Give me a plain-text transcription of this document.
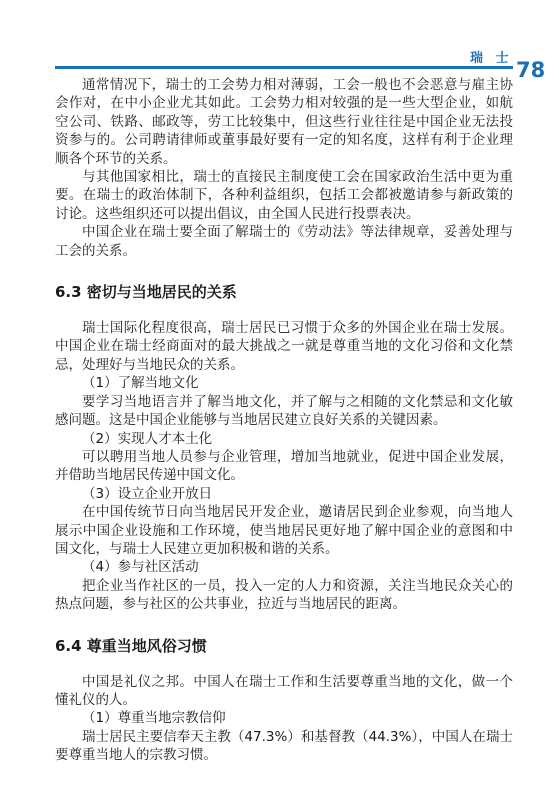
瑞 士 78

通常情况下，瑞士的工会势力相对薄弱，工会一般也不会恶意与雇主协会作对，在中小企业尤其如此。工会势力相对较强的是一些大型企业，如航空公司、铁路、邮政等，劳工比较集中，但这些行业往往是中国企业无法投资参与的。公司聘请律师或董事最好要有一定的知名度，这样有利于企业理顺各个环节的关系。

与其他国家相比，瑞士的直接民主制度使工会在国家政治生活中更为重要。在瑞士的政治体制下，各种利益组织，包括工会都被邀请参与新政策的讨论。这些组织还可以提出倡议，由全国人民进行投票表决。

中国企业在瑞士要全面了解瑞士的《劳动法》等法律规章，妥善处理与工会的关系。

6.3 密切与当地居民的关系

瑞士国际化程度很高，瑞士居民已习惯于众多的外国企业在瑞士发展。中国企业在瑞士经商面对的最大挑战之一就是尊重当地的文化习俗和文化禁忌，处理好与当地民众的关系。

（1）了解当地文化

要学习当地语言并了解当地文化，并了解与之相随的文化禁忌和文化敏感问题。这是中国企业能够与当地居民建立良好关系的关键因素。

（2）实现人才本土化

可以聘用当地人员参与企业管理，增加当地就业，促进中国企业发展，并借助当地居民传递中国文化。

（3）设立企业开放日

在中国传统节日向当地居民开发企业，邀请居民到企业参观，向当地人展示中国企业设施和工作环境，使当地居民更好地了解中国企业的意图和中国文化，与瑞士人民建立更加积极和谐的关系。

（4）参与社区活动

把企业当作社区的一员，投入一定的人力和资源，关注当地民众关心的热点问题，参与社区的公共事业，拉近与当地居民的距离。

6.4 尊重当地风俗习惯

中国是礼仪之邦。中国人在瑞士工作和生活要尊重当地的文化，做一个懂礼仪的人。

（1）尊重当地宗教信仰

瑞士居民主要信奉天主教（47.3%）和基督教（44.3%），中国人在瑞士要尊重当地人的宗教习惯。
